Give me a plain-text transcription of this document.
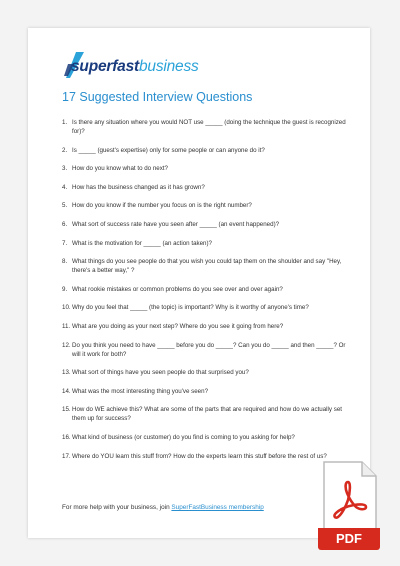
superfastbusiness
17 Suggested Interview Questions
1. Is there any situation where you would NOT use _____ (doing the technique the guest is recognized for)?
2. Is _____ (guest's expertise) only for some people or can anyone do it?
3. How do you know what to do next?
4. How has the business changed as it has grown?
5. How do you know if the number you focus on is the right number?
6. What sort of success rate have you seen after _____ (an event happened)?
7. What is the motivation for _____ (an action taken)?
8. What things do you see people do that you wish you could tap them on the shoulder and say "Hey, there's a better way," ?
9. What rookie mistakes or common problems do you see over and over again?
10. Why do you feel that _____ (the topic) is important? Why is it worthy of anyone's time?
11. What are you doing as your next step? Where do you see it going from here?
12. Do you think you need to have _____ before you do _____? Can you do _____ and then _____? Or will it work for both?
13. What sort of things have you seen people do that surprised you?
14. What was the most interesting thing you've seen?
15. How do WE achieve this? What are some of the parts that are required and how do we actually set them up for success?
16. What kind of business (or customer) do you find is coming to you asking for help?
17. Where do YOU learn this stuff from? How do the experts learn this stuff before the rest of us?
For more help with your business, join SuperFastBusiness membership
PDF
